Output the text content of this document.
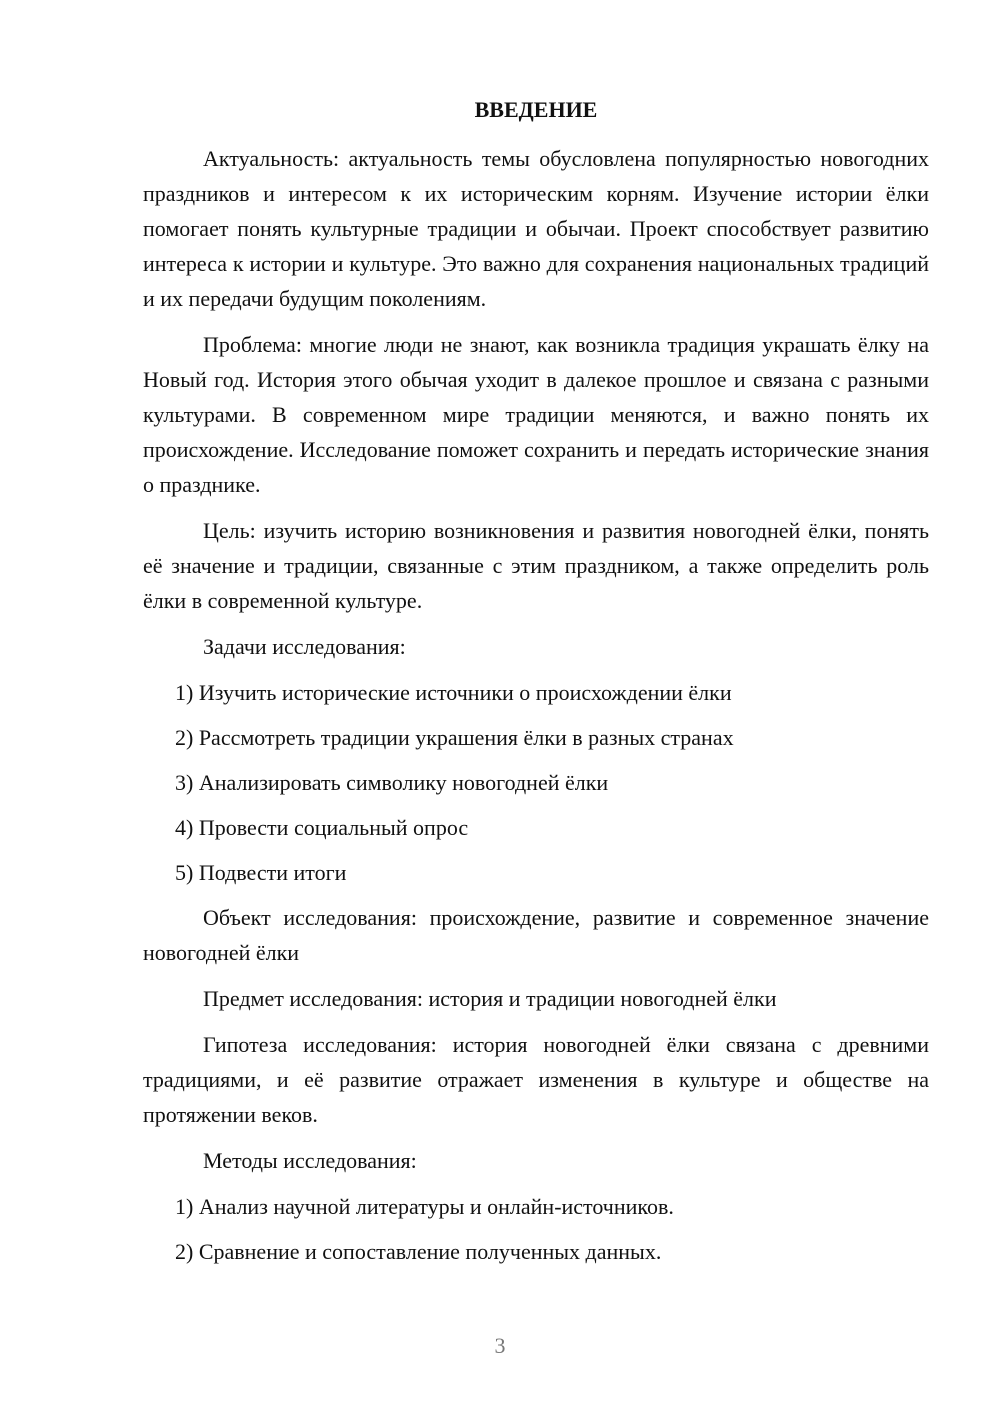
ВВЕДЕНИЕ

Актуальность: актуальность темы обусловлена популярностью новогодних праздников и интересом к их историческим корням. Изучение истории ёлки помогает понять культурные традиции и обычаи. Проект способствует развитию интереса к истории и культуре. Это важно для сохранения национальных традиций и их передачи будущим поколениям.

Проблема: многие люди не знают, как возникла традиция украшать ёлку на Новый год. История этого обычая уходит в далекое прошлое и связана с разными культурами. В современном мире традиции меняются, и важно понять их происхождение. Исследование поможет сохранить и передать исторические знания о празднике.

Цель: изучить историю возникновения и развития новогодней ёлки, понять её значение и традиции, связанные с этим праздником, а также определить роль ёлки в современной культуре.

Задачи исследования:

1) Изучить исторические источники о происхождении ёлки
2) Рассмотреть традиции украшения ёлки в разных странах
3) Анализировать символику новогодней ёлки
4) Провести социальный опрос
5) Подвести итоги

Объект исследования: происхождение, развитие и современное значение новогодней ёлки

Предмет исследования: история и традиции новогодней ёлки

Гипотеза исследования: история новогодней ёлки связана с древними традициями, и её развитие отражает изменения в культуре и обществе на протяжении веков.

Методы исследования:

1) Анализ научной литературы и онлайн-источников.
2) Сравнение и сопоставление полученных данных.
3
